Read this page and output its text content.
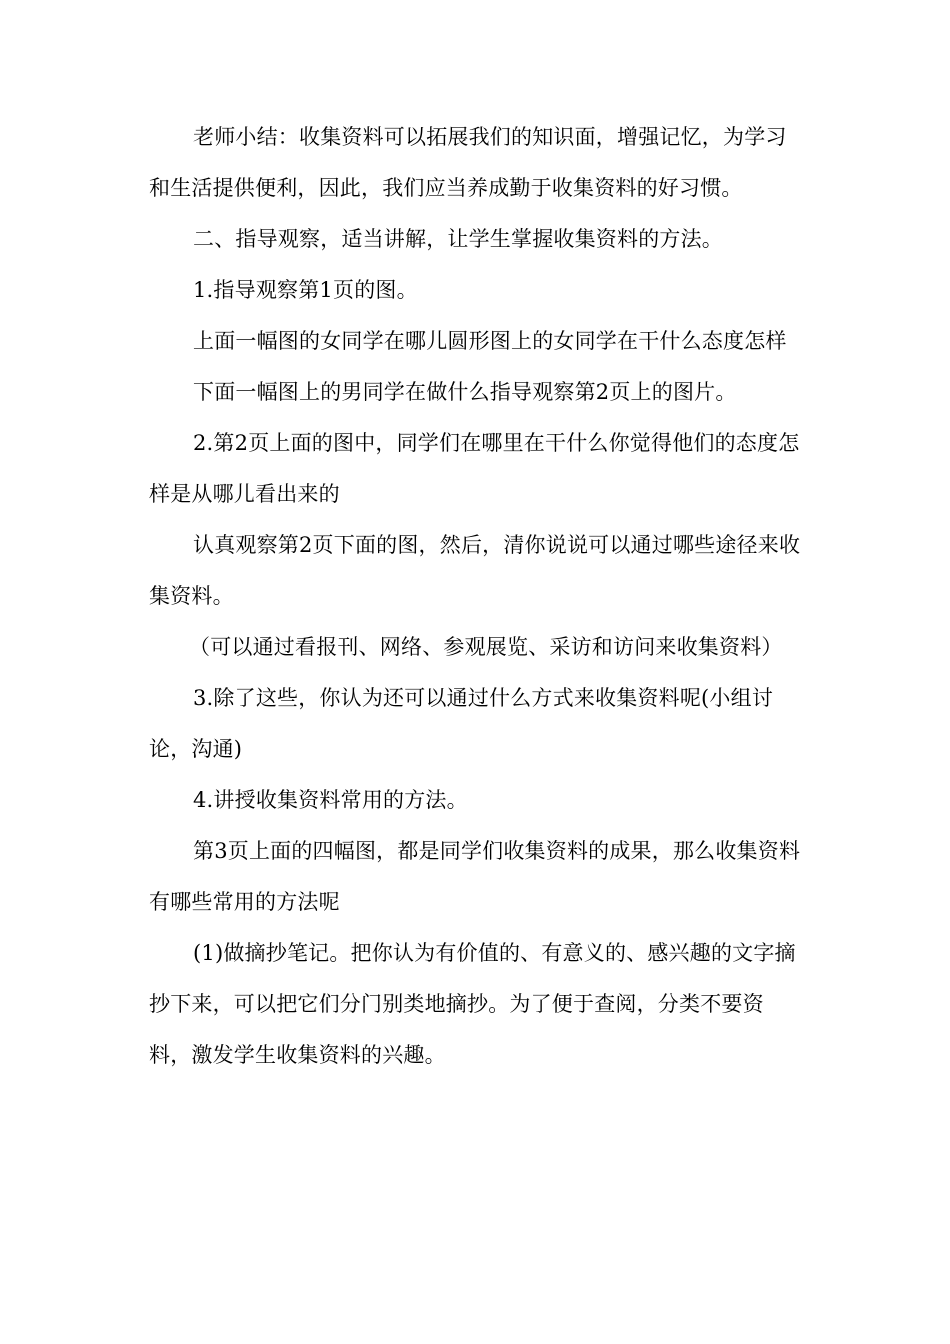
老师小结：收集资料可以拓展我们的知识面，增强记忆，为学习和生活提供便利，因此，我们应当养成勤于收集资料的好习惯。

二、指导观察，适当讲解，让学生掌握收集资料的方法。

1.指导观察第1页的图。

上面一幅图的女同学在哪儿圆形图上的女同学在干什么态度怎样

下面一幅图上的男同学在做什么指导观察第2页上的图片。

2.第2页上面的图中，同学们在哪里在干什么你觉得他们的态度怎样是从哪儿看出来的

认真观察第2页下面的图，然后，清你说说可以通过哪些途径来收集资料。

（可以通过看报刊、网络、参观展览、采访和访问来收集资料）

3.除了这些，你认为还可以通过什么方式来收集资料呢(小组讨论，沟通)

4.讲授收集资料常用的方法。

第3页上面的四幅图，都是同学们收集资料的成果，那么收集资料有哪些常用的方法呢

(1)做摘抄笔记。把你认为有价值的、有意义的、感兴趣的文字摘抄下来，可以把它们分门别类地摘抄。为了便于查阅，分类不要资料，激发学生收集资料的兴趣。
